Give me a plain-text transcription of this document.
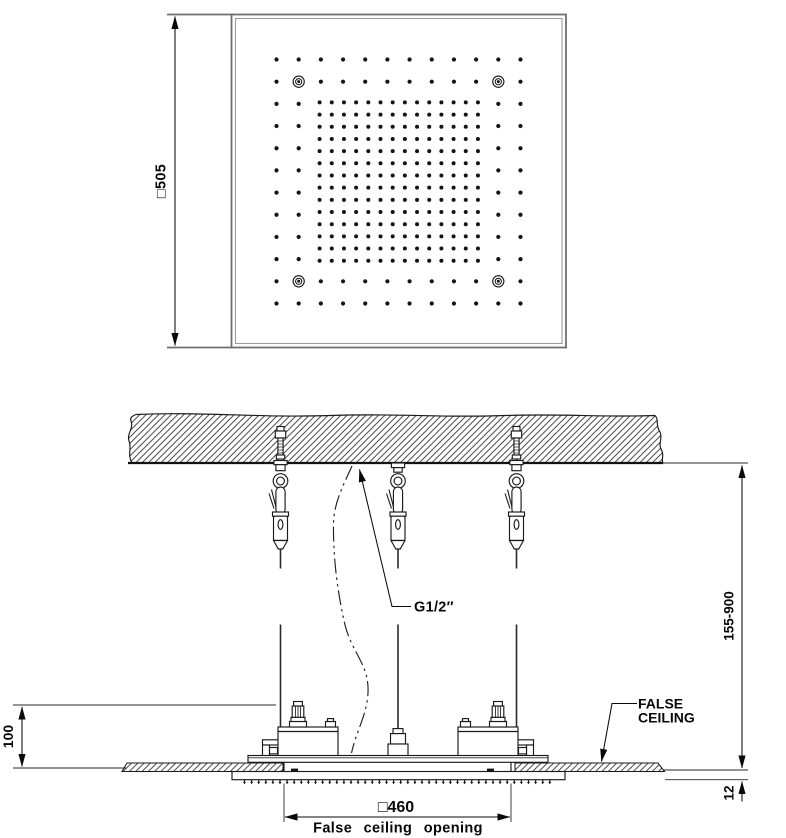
□505
G1/2″
FALSE
CEILING
155-900
100
12
□460
False ceiling opening
